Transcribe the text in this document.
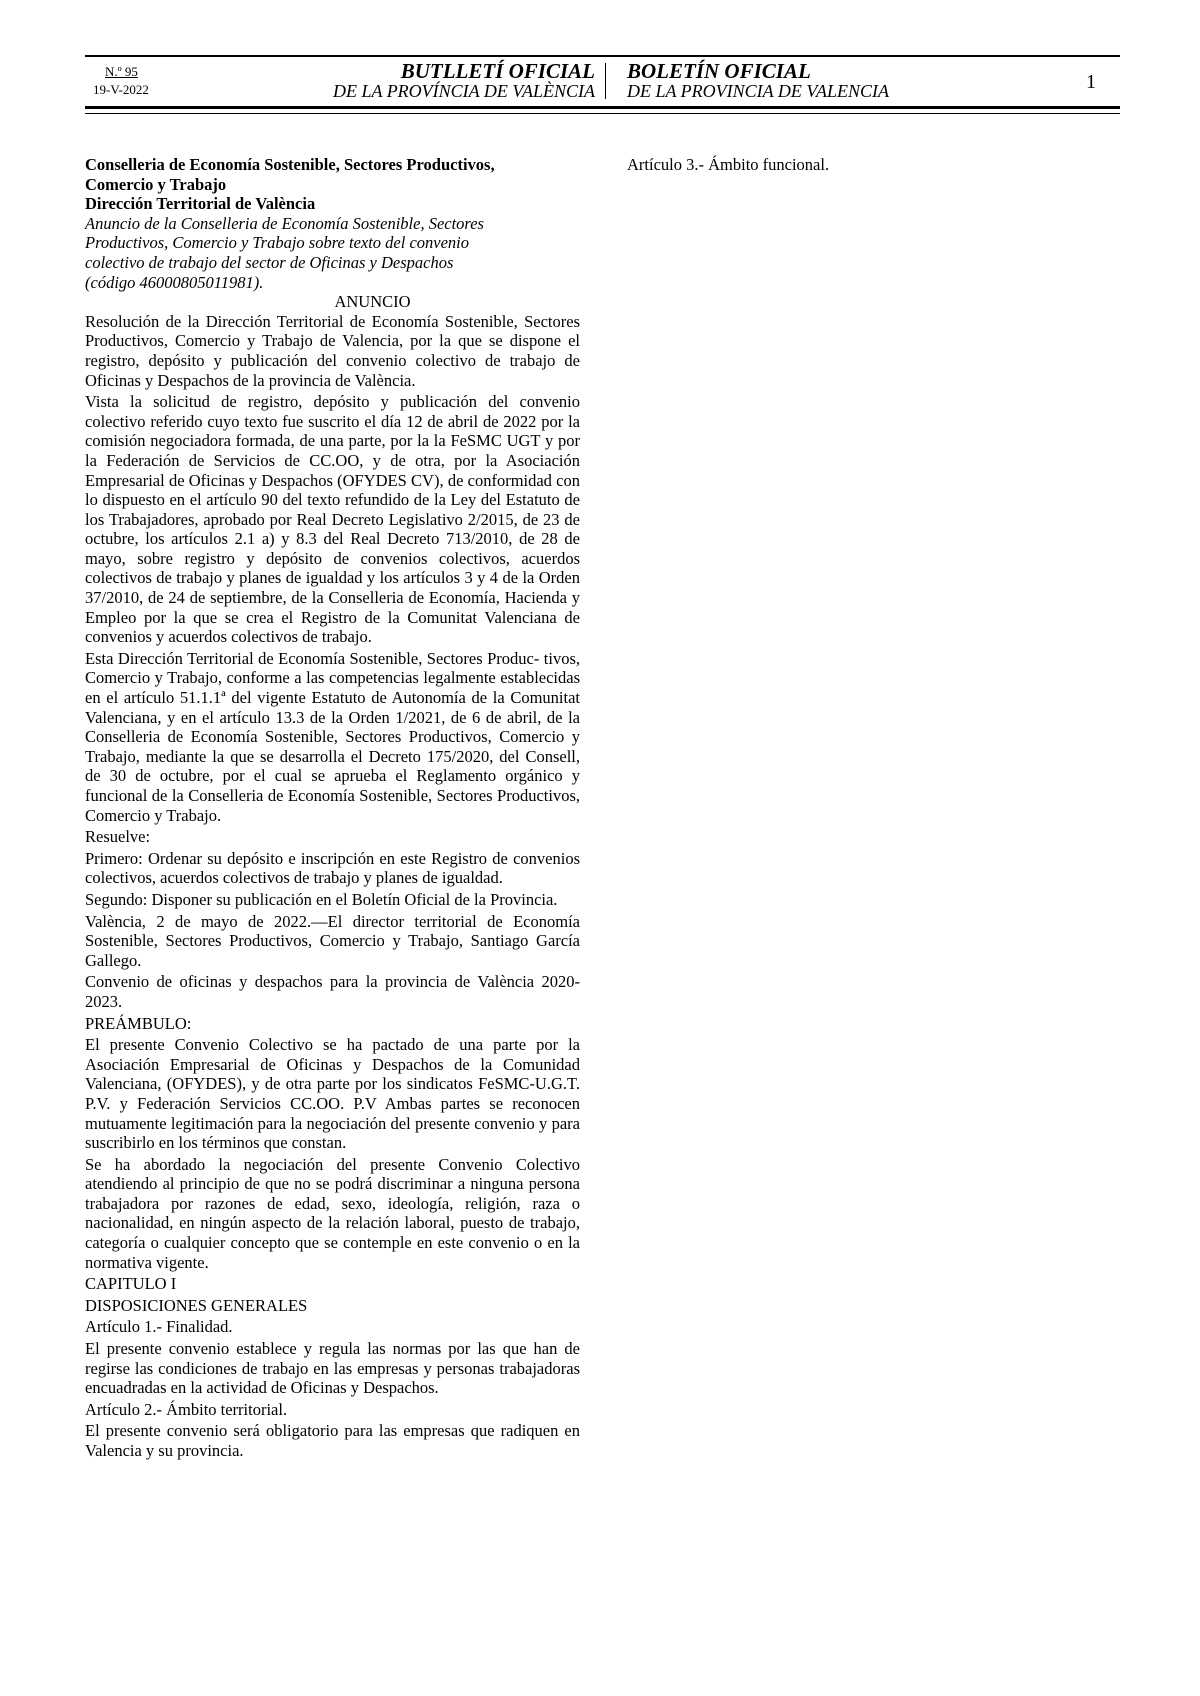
N.º 95
19-V-2022
BUTLLETÍ OFICIAL
DE LA PROVÍNCIA DE VALÈNCIA
BOLETÍN OFICIAL
DE LA PROVINCIA DE VALENCIA	1
Conselleria de Economía Sostenible, Sectores Productivos,
Comercio y Trabajo
Dirección Territorial de València
Anuncio de la Conselleria de Economía Sostenible, Sectores Productivos, Comercio y Trabajo sobre texto del convenio colectivo de trabajo del sector de Oficinas y Despachos (código 46000805011981).
ANUNCIO
Resolución de la Dirección Territorial de Economía Sostenible, Sectores Productivos, Comercio y Trabajo de Valencia, por la que se dispone el registro, depósito y publicación del convenio colectivo de trabajo de Oficinas y Despachos de la provincia de València.
Vista la solicitud de registro, depósito y publicación del convenio colectivo referido cuyo texto fue suscrito el día 12 de abril de 2022 por la comisión negociadora formada, de una parte, por la la FeSMC UGT y por la Federación de Servicios de CC.OO, y de otra, por la Asociación Empresarial de Oficinas y Despachos (OFYDES CV), de conformidad con lo dispuesto en el artículo 90 del texto refundido de la Ley del Estatuto de los Trabajadores, aprobado por Real Decreto Legislativo 2/2015, de 23 de octubre, los artículos 2.1 a) y 8.3 del Real Decreto 713/2010, de 28 de mayo, sobre registro y depósito de convenios colectivos, acuerdos colectivos de trabajo y planes de igualdad y los artículos 3 y 4 de la Orden 37/2010, de 24 de septiembre, de la Conselleria de Economía, Hacienda y Empleo por la que se crea el Registro de la Comunitat Valenciana de convenios y acuerdos colectivos de trabajo.
Esta Dirección Territorial de Economía Sostenible, Sectores Produc- tivos, Comercio y Trabajo, conforme a las competencias legalmente establecidas en el artículo 51.1.1ª del vigente Estatuto de Autonomía de la Comunitat Valenciana, y en el artículo 13.3 de la Orden 1/2021, de 6 de abril, de la Conselleria de Economía Sostenible, Sectores Productivos, Comercio y Trabajo, mediante la que se desarrolla el Decreto 175/2020, del Consell, de 30 de octubre, por el cual se aprueba el Reglamento orgánico y funcional de la Conselleria de Economía Sostenible, Sectores Productivos, Comercio y Trabajo.
Resuelve:
Primero: Ordenar su depósito e inscripción en este Registro de convenios colectivos, acuerdos colectivos de trabajo y planes de igualdad.
Segundo: Disponer su publicación en el Boletín Oficial de la Provincia.
València, 2 de mayo de 2022.—El director territorial de Economía Sostenible, Sectores Productivos, Comercio y Trabajo, Santiago García Gallego.
Convenio de oficinas y despachos para la provincia de València 2020- 2023.
PREÁMBULO:
El presente Convenio Colectivo se ha pactado de una parte por la Asociación Empresarial de Oficinas y Despachos de la Comunidad Valenciana, (OFYDES), y de otra parte por los sindicatos FeSMC-U.G.T. P.V. y Federación Servicios CC.OO. P.V Ambas partes se reconocen mutuamente legitimación para la negociación del presente convenio y para suscribirlo en los términos que constan.
Se ha abordado la negociación del presente Convenio Colectivo atendiendo al principio de que no se podrá discriminar a ninguna persona trabajadora por razones de edad, sexo, ideología, religión, raza o nacionalidad, en ningún aspecto de la relación laboral, puesto de trabajo, categoría o cualquier concepto que se contemple en este convenio o en la normativa vigente.
CAPITULO I
DISPOSICIONES GENERALES
Artículo 1.- Finalidad.
El presente convenio establece y regula las normas por las que han de regirse las condiciones de trabajo en las empresas y personas trabajadoras encuadradas en la actividad de Oficinas y Despachos.
Artículo 2.- Ámbito territorial.
El presente convenio será obligatorio para las empresas que radiquen en Valencia y su provincia.
Artículo 3.- Ámbito funcional.
